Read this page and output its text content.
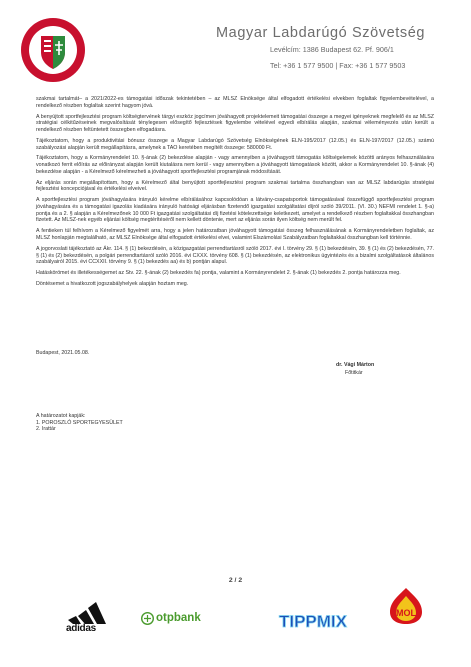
Magyar Labdarúgó Szövetség
Levélcím: 1386 Budapest 62. Pf. 906/1
Tel: +36 1 577 9500 | Fax: +36 1 577 9503

szakmai tartalmát– a 2021/2022-es támogatási időszak tekintetében – az MLSZ Elnöksége által elfogadott értékelési elvekben foglaltak figyelembevételével, a rendelkező részben foglaltak szerint hagyom jóvá.

A benyújtott sportfejlesztési program költségtervének tárgyi eszköz jogcímen jóváhagyott projektelemeit támogatási összege a megyei igényeknek megfelelő és az MLSZ stratégiai célkitűzéseinek megvalósítását ténylegesen elősegítő fejlesztések figyelembe vételével egyedi elbírálás alapján, szakmai véleményezés után került a rendelkező részben feltüntetett összegben elfogadásra.

Tájékoztatom, hogy a produktivitási bónusz összege a Magyar Labdarúgó Szövetség Elnökségének ELN-195/2017 (12.05.) és ELN-197/2017 (12.05.) számú szabályozási alapján került megállapításra, amelynek a TAO keretében megítélt összege: 580000 Ft.

Tájékoztatom, hogy a Kormányrendelet 10. §-ának (2) bekezdése alapján - vagy amennyiben a jóváhagyott támogatás költségelemek közötti arányos felhasználására vonatkozó ferrit előírás az előirányzat alapján került kiutalásra nem kerül - vagy amennyiben a jóváhagyott támogatások között, akkor a Kormányrendelet 10. §-ának (4) bekezdése alapján - a Kérelmező kérelmezheti a jóváhagyott sportfejlesztési programjának módosítását.

Az eljárás során megállapítottam, hogy a Kérelmező által benyújtott sportfejlesztési program szakmai tartalma összhangban van az MLSZ labdarúgás stratégiai fejlesztési koncepciójával és értékelési elveivel.

A sportfejlesztési program jóváhagyására irányuló kérelme elbírálásához kapcsolódóan a látvány-csapatsportok támogatásával összefüggő sportfejlesztési program jóváhagyására és a támogatási igazolás kiadására irányuló hatósági eljárásban fizetendő igazgatási szolgáltatási díjról szóló 39/2011. (VI. 30.) NEFMI rendelet 1. §-a) pontja és a 2. § alapján a Kérelmezőnek 10 000 Ft igazgatási szolgáltatási díj fizetési kötelezettsége keletkezett, amelyet a rendelkező részben foglaltakkal összhangban fizetett. Az MLSZ-nek egyéb eljárási költség megtérítéséről nem kellett döntenie, mert az eljárás során ilyen költség nem merült fel.

A fentieken túl felhívom a Kérelmező figyelmét arra, hogy a jelen határozatban jóváhagyott támogatási összeg felhasználásának a Kormányrendeletben foglaltak, az MLSZ honlapján megtalálható, az MLSZ Elnöksége által elfogadott értékelési elvei, valamint Elszámolási Szabályzatban foglaltakkal összhangban kell történnie.

A jogorvoslati tájékoztató az Ákr. 114. § (1) bekezdésén, a közigazgatási perrendtartásról szóló 2017. évi I. törvény 29. § (1) bekezdésén, 39. § (1) és (2) bekezdésén, 77. § (1) és (2) bekezdésén, a polgári perrendtartásról szóló 2016. évi CXXX. törvény 608. § (1) bekezdésén, az elektronikus ügyintézés és a bizalmi szolgáltatások általános szabályairól 2015. évi CCXXII. törvény 9. § (1) bekezdés aa) és b) pontján alapul.

Hatáskörömet és illetékességemet az Stv. 22. §-ának (2) bekezdés fa) pontja, valamint a Kormányrendelet 2. §-ának (1) bekezdés 2. pontja határozza meg.

Döntésemet a hivatkozott jogszabályhelyek alapján hoztam meg.

Budapest, 2021.05.08.
dr. Vági Márton
Főtitkár
A határozatot kapják:
1. POROSZLÓ SPORTEGYESÜLET
2. Irattár
2 / 2
adidas
otpbank	TIPPMIX	MOL
